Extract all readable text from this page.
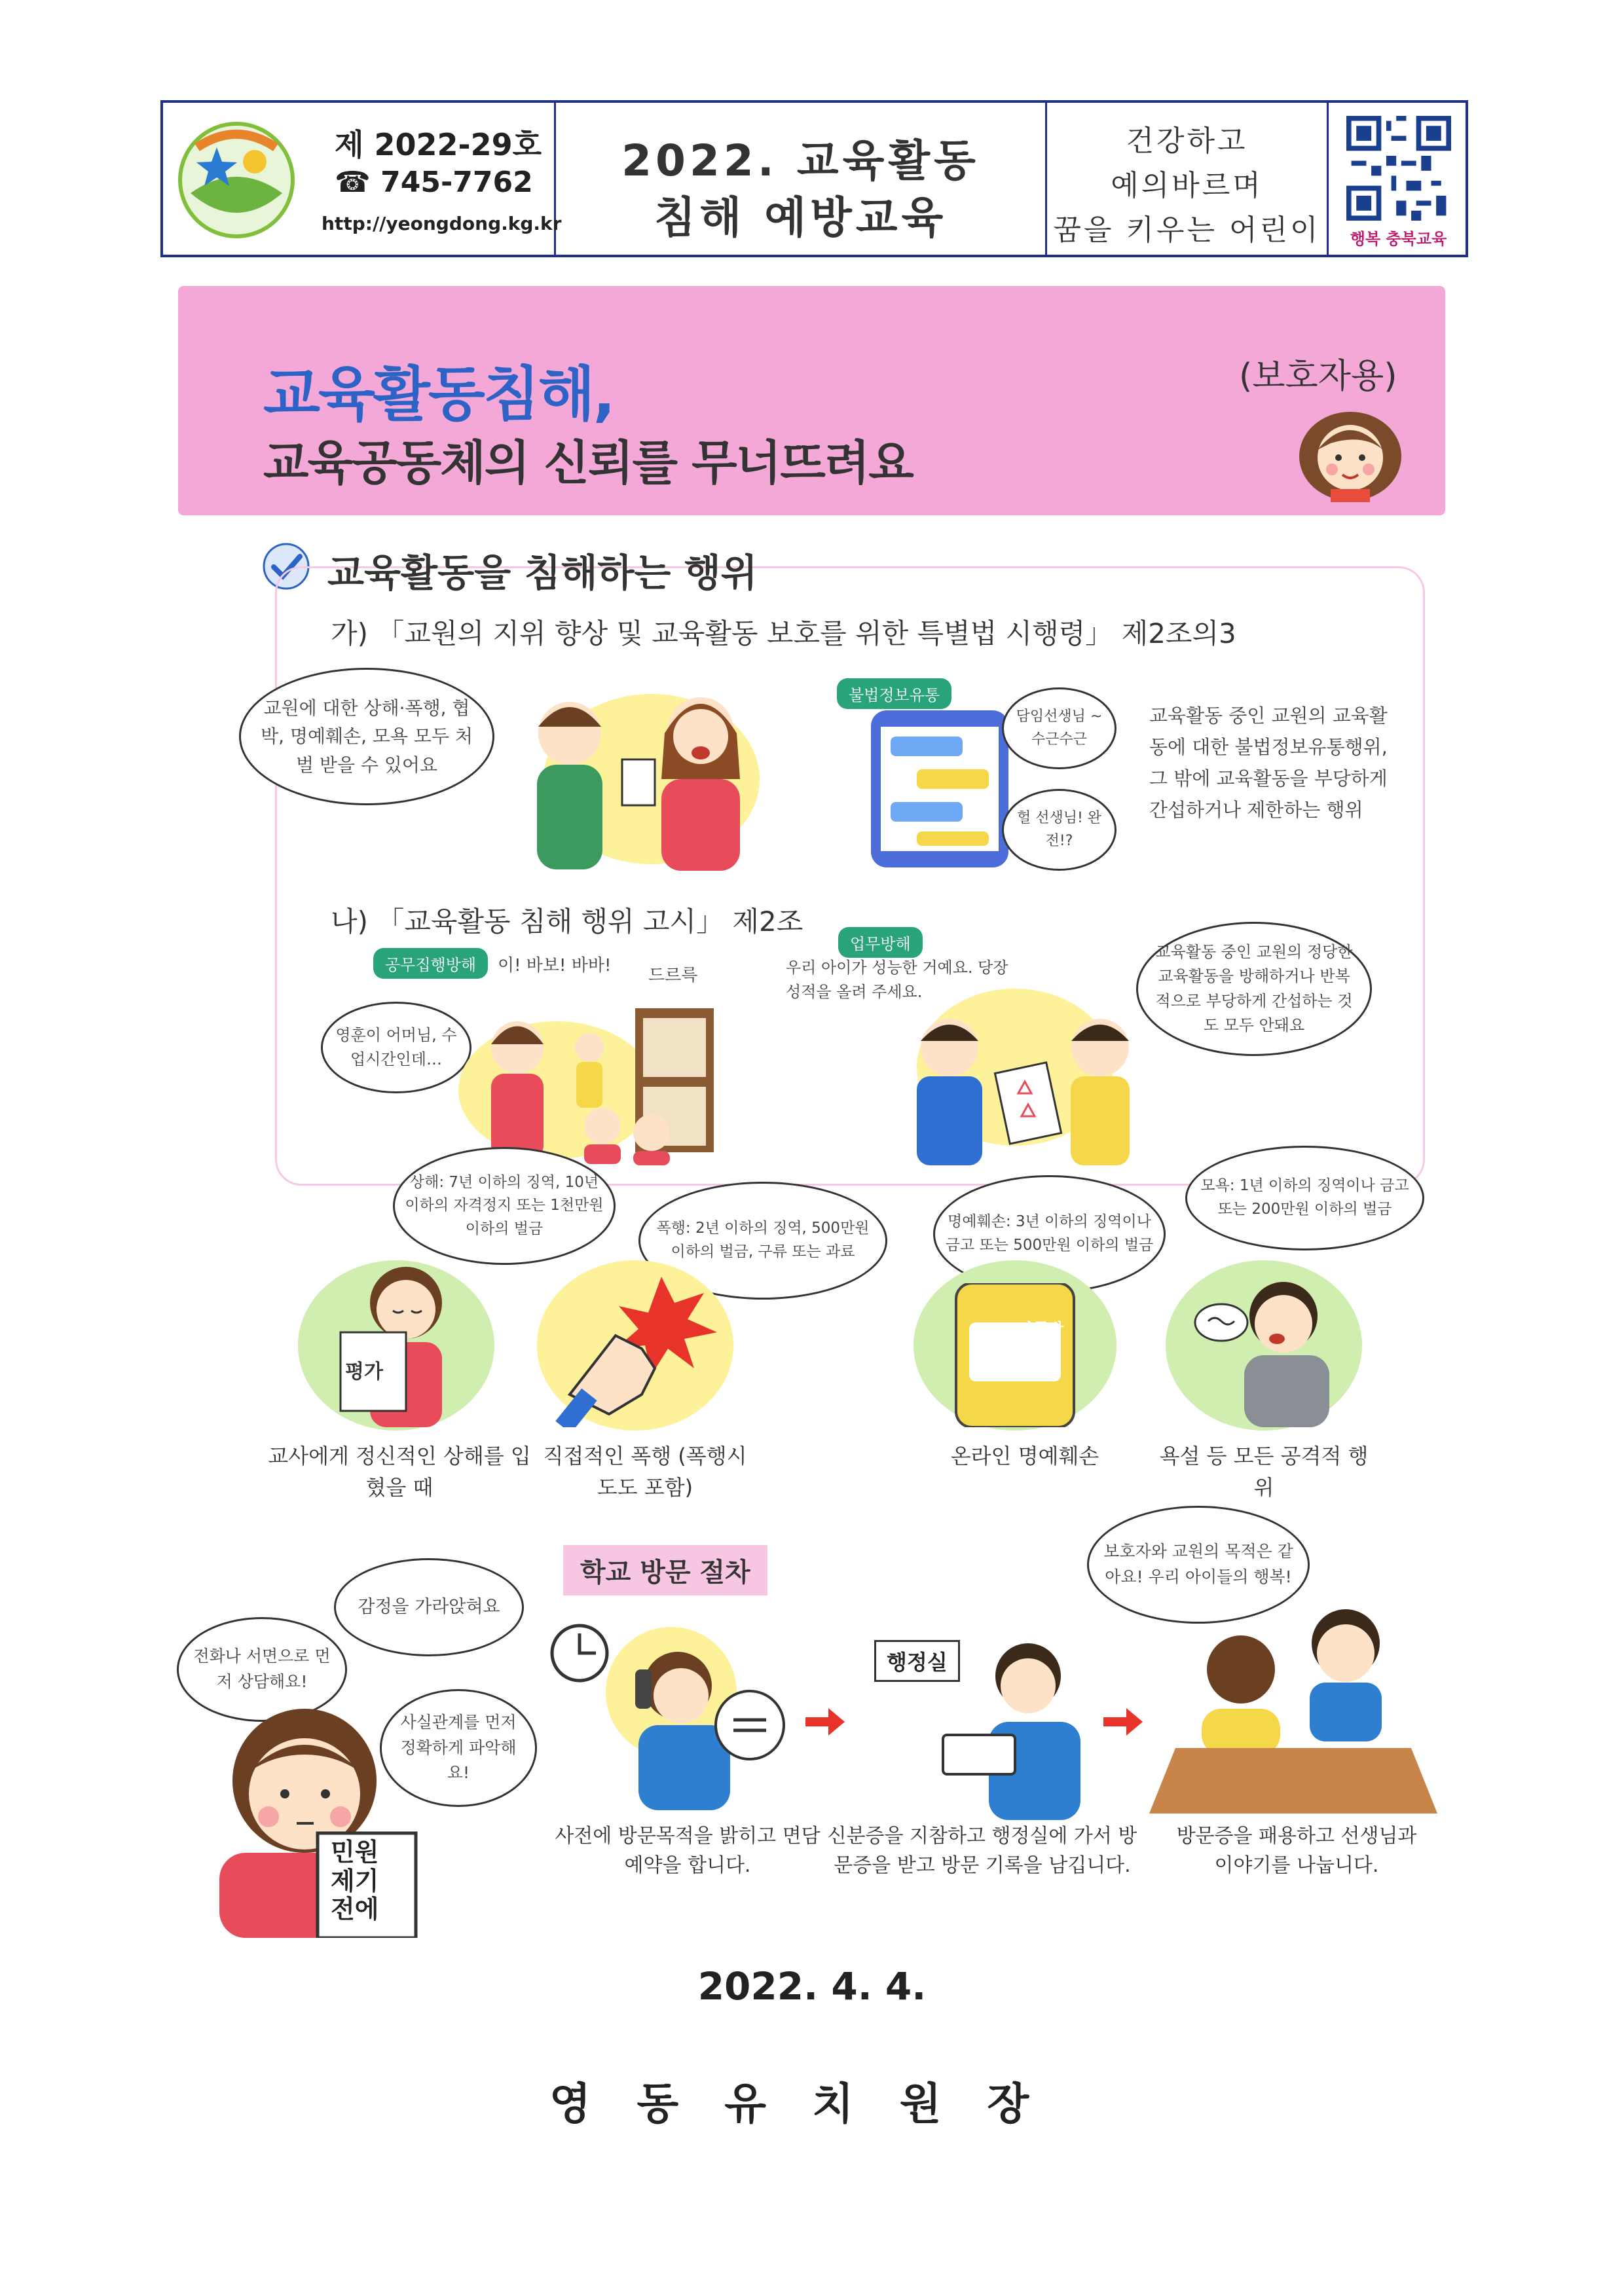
제 2022-29호
☎ 745-7762
http://yeongdong.kg.kr
2022. 교육활동
침해 예방교육
건강하고
예의바르며
꿈을 키우는 어린이	행복 충북교육
교육활동침해,
교육공동체의 신뢰를 무너뜨려요
(보호자용)
교육활동을 침해하는 행위
가) 「교원의 지위 향상 및 교육활동 보호를 위한 특별법 시행령」 제2조의3
교원에 대한 상해·폭행, 협박, 명예훼손, 모욕 모두 처벌 받을 수 있어요
불법정보유통
담임선생님 ~ 수근수근
헐 선생님! 완전!?
교육활동 중인 교원의 교육활동에 대한 불법정보유통행위, 그 밖에 교육활동을 부당하게 간섭하거나 제한하는 행위
나) 「교육활동 침해 행위 고시」 제2조
공무집행방해
영훈이 어머님, 수업시간인데…
이! 바보! 바바! 드르륵
업무방해
우리 아이가 성능한 거예요. 당장 성적을 올려 주세요.
교육활동 중인 교원의 정당한 교육활동을 방해하거나 반복적으로 부당하게 간섭하는 것도 모두 안돼요
상해: 7년 이하의 징역, 10년 이하의 자격정지 또는 1천만원 이하의 벌금	폭행: 2년 이하의 징역, 500만원 이하의 벌금, 구류 또는 과료
명예훼손: 3년 이하의 징역이나 금고 또는 500만원 이하의 벌금
모욕: 1년 이하의 징역이나 금고 또는 200만원 이하의 벌금
평가
SNS 단톡방
교사에게 정신적인 상해를 입혔을 때
직접적인 폭행 (폭행시도도 포함)
온라인 명예훼손	욕설 등 모든 공격적 행위
학교 방문 절차
감정을 가라앉혀요
전화나 서면으로 먼저 상담해요!
사실관계를 먼저 정확하게 파악해요!
민원 제기 전에
행정실
보호자와 교원의 목적은 같아요! 우리 아이들의 행복!
사전에 방문목적을 밝히고 면담 예약을 합니다.
신분증을 지참하고 행정실에 가서 방문증을 받고 방문 기록을 남깁니다.
방문증을 패용하고 선생님과 이야기를 나눕니다.
2022. 4. 4.
영동유치원장
